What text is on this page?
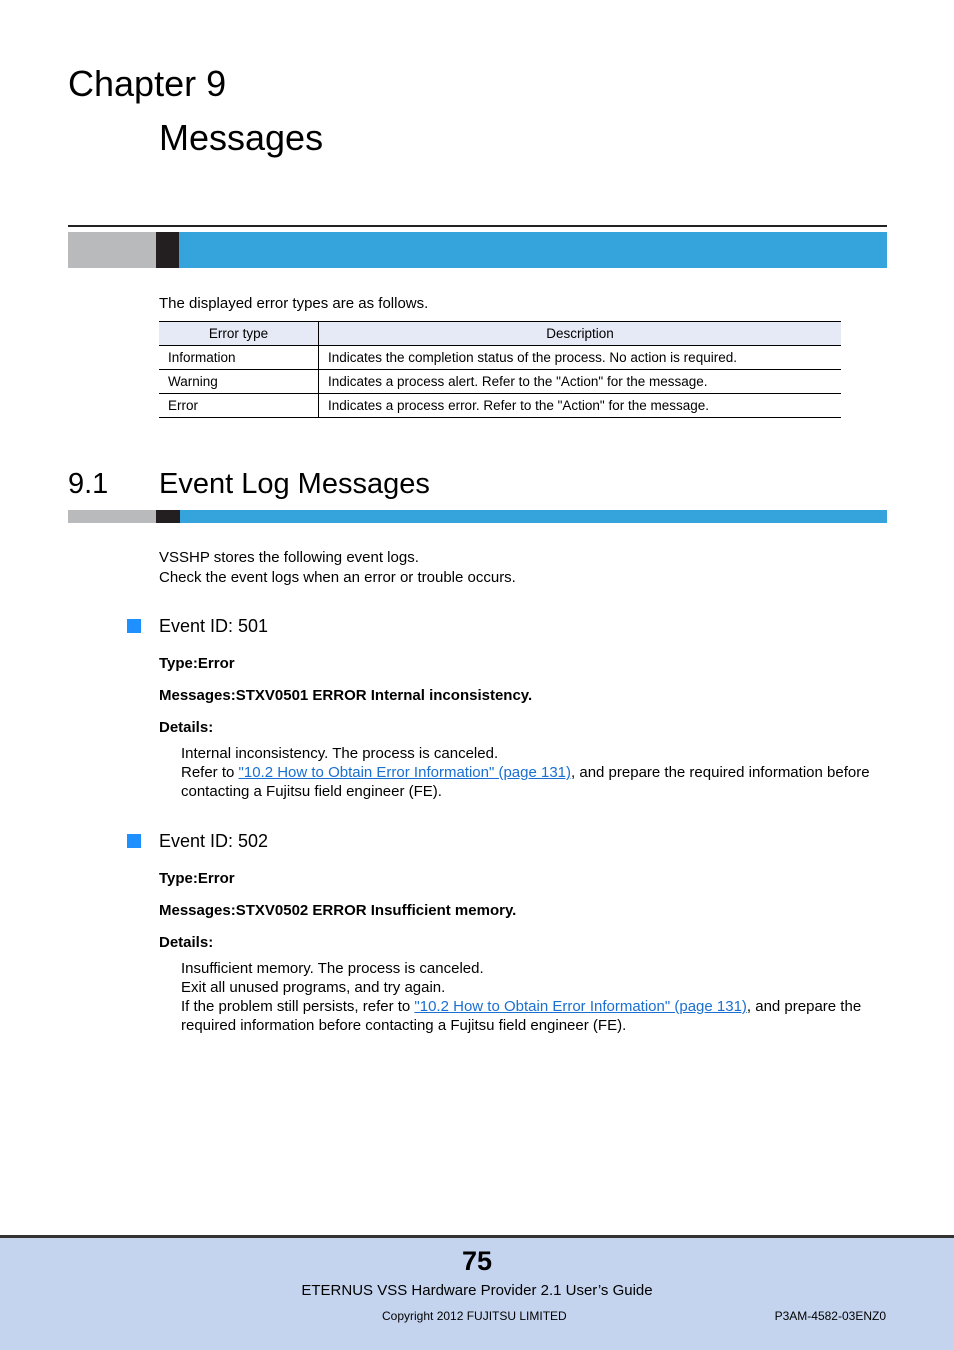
Chapter 9
Messages
The displayed error types are as follows.
Error type	Description
Information	Indicates the completion status of the process. No action is required.
Warning	Indicates a process alert. Refer to the "Action" for the message.
Error	Indicates a process error. Refer to the "Action" for the message.
9.1 Event Log Messages
VSSHP stores the following event logs.
Check the event logs when an error or trouble occurs.
Event ID: 501
Type:Error
Messages:STXV0501 ERROR Internal inconsistency.
Details:

Internal inconsistency. The process is canceled.

Refer to "10.2 How to Obtain Error Information" (page 131), and prepare the required information before contacting a Fujitsu field engineer (FE).

Event ID: 502
Type:Error
Messages:STXV0502 ERROR Insufficient memory.
Details:

Insufficient memory. The process is canceled.

Exit all unused programs, and try again.

If the problem still persists, refer to "10.2 How to Obtain Error Information" (page 131), and prepare the required information before contacting a Fujitsu field engineer (FE).

75
ETERNUS VSS Hardware Provider 2.1 User’s Guide
Copyright 2012 FUJITSU LIMITED	P3AM-4582-03ENZ0
